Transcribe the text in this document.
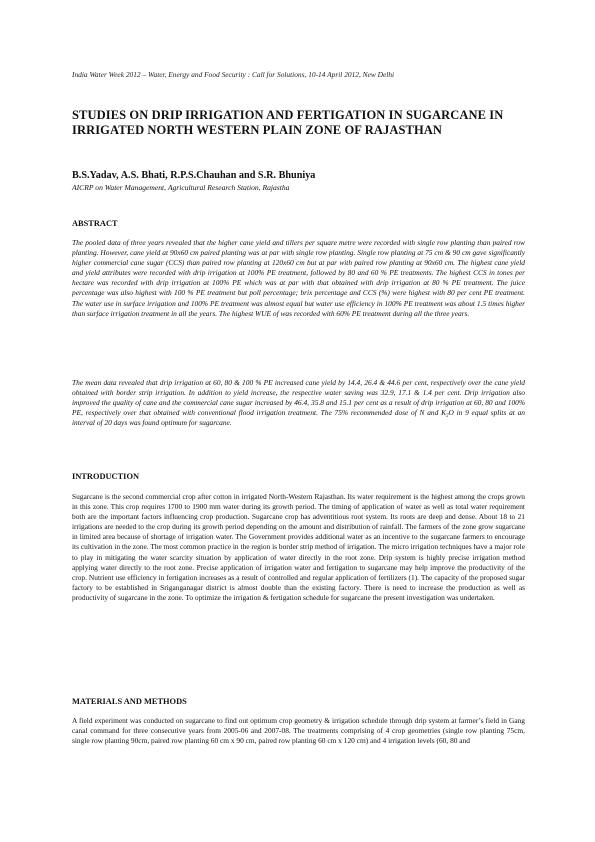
India Water Week 2012 – Water, Energy and Food Security : Call for Solutions, 10-14 April 2012, New Delhi
STUDIES ON DRIP IRRIGATION AND FERTIGATION IN SUGARCANE IN IRRIGATED NORTH WESTERN PLAIN ZONE OF RAJASTHAN
B.S.Yadav, A.S. Bhati, R.P.S.Chauhan and S.R. Bhuniya
AICRP on Water Management, Agricultural Research Station, Rajastha
ABSTRACT

The pooled data of three years revealed that the higher cane yield and tillers per square metre were recorded with single row planting than paired row planting. However, cane yield at 90x60 cm paired planting was at par with single row planting. Single row planting at 75 cm & 90 cm gave significantly higher commercial cane sugar (CCS) than paired row planting at 120x60 cm but at par with paired row planting at 90x60 cm. The highest cane yield and yield attributes were recorded with drip irrigation at 100% PE treatment, followed by 80 and 60 % PE treatments. The highest CCS in tones per hectare was recorded with drip irrigation at 100% PE which was at par with that obtained with drip irrigation at 80 % PE treatment. The juice percentage was also highest with 100 % PE treatment but poll percentage; brix percentage and CCS (%) were highest with 80 per cent PE treatment. The water use in surface irrigation and 100% PE treatment was almost equal but water use efficiency in 100% PE treatment was about 1.5 times higher than surface irrigation treatment in all the years. The highest WUE of was recorded with 60% PE treatment during all the three years.

The mean data revealed that drip irrigation at 60, 80 & 100 % PE increased cane yield by 14.4, 26.4 & 44.6 per cent, respectively over the cane yield obtained with border strip irrigation. In addition to yield increase, the respective water saving was 32.9, 17.1 & 1.4 per cent. Drip irrigation also improved the quality of cane and the commercial cane sugar increased by 46.4, 35.8 and 15.1 per cent as a result of drip irrigation at 60, 80 and 100% PE, respectively over that obtained with conventional flood irrigation treatment. The 75% recommended dose of N and $K_2O$ in 9 equal splits at an interval of 20 days was found optimum for sugarcane.

INTRODUCTION

Sugarcane is the second commercial crop after cotton in irrigated North-Western Rajasthan. Its water requirement is the highest among the crops grown in this zone. This crop requires 1700 to 1900 mm water during its growth period. The timing of application of water as well as total water requirement both are the important factors influencing crop production. Sugarcane crop has adventitious root system. Its roots are deep and dense. About 18 to 21 irrigations are needed to the crop during its growth period depending on the amount and distribution of rainfall. The farmers of the zone grow sugarcane in limited area because of shortage of irrigation water. The Government provides additional water as an incentive to the sugarcane farmers to encourage its cultivation in the zone. The most common practice in the region is border strip method of irrigation. The micro irrigation techniques have a major role to play in mitigating the water scarcity situation by application of water directly in the root zone. Drip system is highly precise irrigation method applying water directly to the root zone. Precise application of irrigation water and fertigation to sugarcane may help improve the productivity of the crop. Nutrient use efficiency in fertigation increases as a result of controlled and regular application of fertilizers (1). The capacity of the proposed sugar factory to be established in Sriganganagar district is almost double than the existing factory. There is need to increase the production as well as productivity of sugarcane in the zone. To optimize the irrigation & fertigation schedule for sugarcane the present investigation was undertaken.

MATERIALS AND METHODS

A field experiment was conducted on sugarcane to find out optimum crop geometry & irrigation schedule through drip system at farmer’s field in Gang canal command for three consecutive years from 2005-06 and 2007-08. The treatments comprising of 4 crop geometries (single row planting 75cm, single row planting 90cm, paired row planting 60 cm x 90 cm, paired row planting 60 cm x 120 cm) and 4 irrigation levels (60, 80 and
